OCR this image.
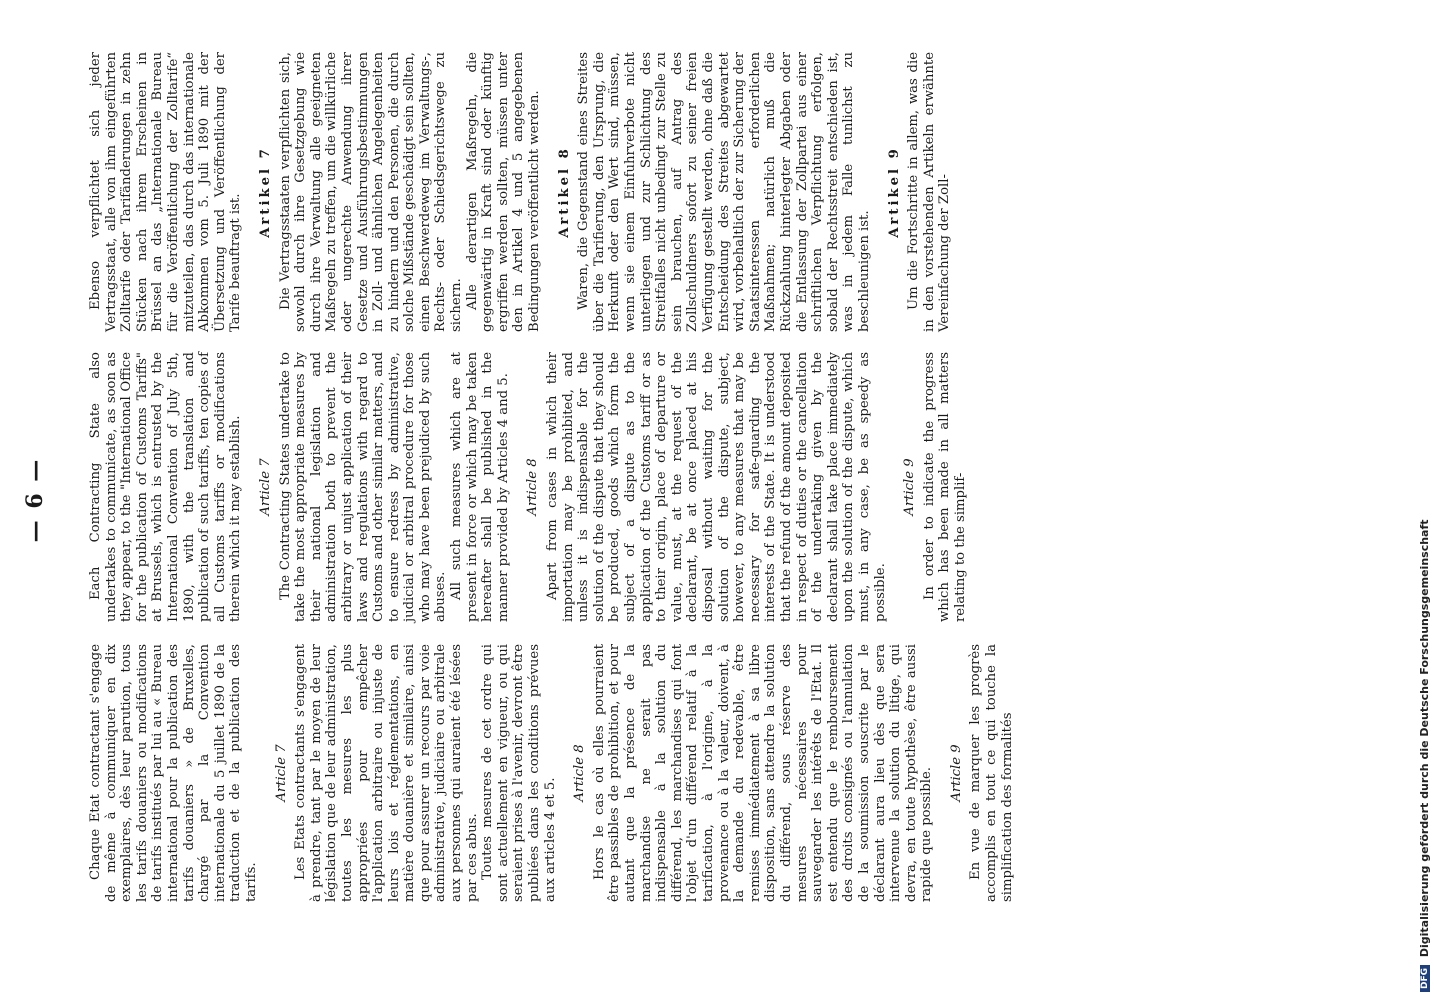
— 6 —

Chaque Etat contractant s'engage de même à communiquer en dix exemplaires, dès leur parution, tous les tarifs douaniers ou modifications de tarifs institués par lui au « Bureau international pour la publication des tarifs douaniers » de Bruxelles, chargé par la Convention internationale du 5 juillet 1890 de la traduction et de la publication des tarifs.

Article 7 Les Etats contractants s'engagent à prendre, tant par le moyen de leur législation que de leur administration, toutes les mesures les plus appropriées pour empêcher l'application arbitraire ou injuste de leurs lois et réglementations, en matière douanière et similaire, ainsi que pour assurer un recours par voie administrative, judiciaire ou arbitrale aux personnes qui auraient été lésées par ces abus. Toutes mesures de cet ordre qui sont actuellement en vigueur, ou qui seraient prises à l'avenir, devront être publiées dans les conditions prévues aux articles 4 et 5.

Article 8 Hors le cas où elles pourraient être passibles de prohibition, et pour autant que la présence de la marchandise ne serait pas indispensable à la solution du différend, les marchandises qui font l'objet d'un différend relatif à la tarification, à l'origine, à la provenance ou à la valeur, doivent, à la demande du redevable, être remises immédiatement à sa libre disposition, sans attendre la solution du différend, sous réserve des mesures nécessaires pour sauvegarder les intérêts de l'Etat. Il est entendu que le remboursement des droits consignés ou l'annulation de la soumission souscrite par le déclarant aura lieu dès que sera intervenue la solution du litige, qui devra, en toute hypothèse, être aussi rapide que possible. Article 9 En vue de marquer les progrès accomplis en tout ce qui touche la simplification des formalités

Each Contracting State also undertakes to communicate, as soon as they appear, to the "International Office for the publication of Customs Tariffs" at Brussels, which is entrusted by the International Convention of July 5th, 1890, with the translation and publication of such tariffs, ten copies of all Customs tariffs or modifications therein which it may establish. Article 7 The Contracting States undertake to take the most appropriate measures by their national legislation and administration both to prevent the arbitrary or unjust application of their laws and regulations with regard to Customs and other similar matters, and to ensure redress by administrative, judicial or arbitral procedure for those who may have been prejudiced by such abuses. All such measures which are at present in force or which may be taken hereafter shall be published in the manner provided by Articles 4 and 5. Article 8 Apart from cases in which their importation may be prohibited, and unless it is indispensable for the solution of the dispute that they should be produced, goods which form the subject of a dispute as to the application of the Customs tariff or as to their origin, place of departure or value, must, at the request of the declarant, be at once placed at his disposal without waiting for the solution of the dispute, subject, however, to any measures that may be necessary for safe-guarding the interests of the State. It is understood that the refund of the amount deposited in respect of duties or the cancellation of the undertaking given by the declarant shall take place immediately upon the solution of the dispute, which must, in any case, be as speedy as possible.

Article 9 In order to indicate the progress which has been made in all matters relating to the simplif-

Ebenso verpflichtet sich jeder Vertragsstaat, alle von ihm eingeführten Zolltarife oder Tarifänderungen in zehn Stücken nach ihrem Erscheinen in Brüssel an das „Internationale Bureau für die Veröffentlichung der Zolltarife“ mitzuteilen, das durch das internationale Abkommen vom 5. Juli 1890 mit der Übersetzung und Veröffentlichung der Tarife beauftragt ist.

Artikel 7 Die Vertragsstaaten verpflichten sich, sowohl durch ihre Gesetzgebung wie durch ihre Verwaltung alle geeigneten Maßregeln zu treffen, um die willkürliche oder ungerechte Anwendung ihrer Gesetze und Ausführungsbestimmungen in Zoll- und ähnlichen Angelegenheiten zu hindern und den Personen, die durch solche Mißstände geschädigt sein sollten, einen Beschwerdeweg im Verwaltungs-, Rechts- oder Schiedsgerichtswege zu sichern. Alle derartigen Maßregeln, die gegenwärtig in Kraft sind oder künftig ergriffen werden sollten, müssen unter den in Artikel 4 und 5 angegebenen Bedingungen veröffentlicht werden. Artikel 8 Waren, die Gegenstand eines Streites über die Tarifierung, den Ursprung, die Herkunft oder den Wert sind, müssen, wenn sie einem Einfuhrverbote nicht unterliegen und zur Schlichtung des Streitfalles nicht unbedingt zur Stelle zu sein brauchen, auf Antrag des Zollschuldners sofort zu seiner freien Verfügung gestellt werden, ohne daß die Entscheidung des Streites abgewartet wird, vorbehaltlich der zur Sicherung der Staatsinteressen erforderlichen Maßnahmen; natürlich muß die Rückzahlung hinterlegter Abgaben oder die Entlassung der Zollpartei aus einer schriftlichen Verpflichtung erfolgen, sobald der Rechtsstreit entschieden ist, was in jedem Falle tunlichst zu beschleunigen ist.

Artikel 9 Um die Fortschritte in allem, was die in den vorstehenden Artikeln erwähnte Vereinfachung der Zoll-

DFG Digitalisierung gefördert durch die Deutsche Forschungsgemeinschaft
